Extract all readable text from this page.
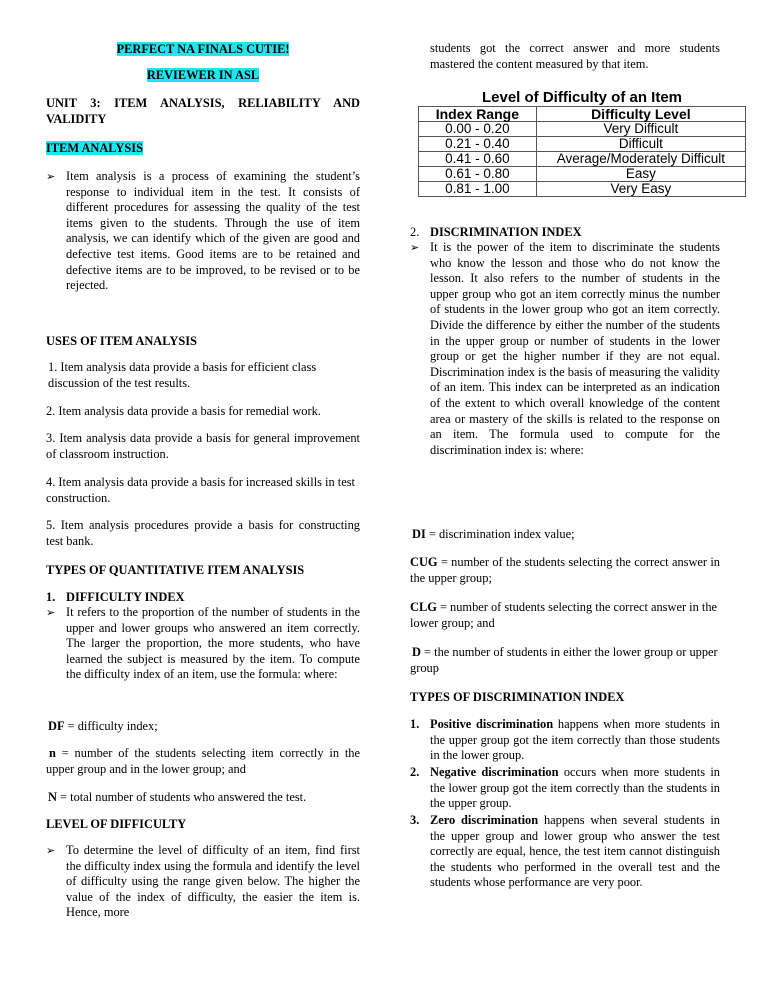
PERFECT NA FINALS CUTIE!
REVIEWER IN ASL

UNIT 3: ITEM ANALYSIS, RELIABILITY AND VALIDITY

ITEM ANALYSIS
➢ Item analysis is a process of examining the student’s response to individual item in the test. It consists of different procedures for assessing the quality of the test items given to the students. Through the use of item analysis, we can identify which of the given are good and defective test items. Good items are to be retained and defective items are to be improved, to be revised or to be rejected.

USES OF ITEM ANALYSIS

1. Item analysis data provide a basis for efficient class discussion of the test results.

2. Item analysis data provide a basis for remedial work.

3. Item analysis data provide a basis for general improvement of classroom instruction.

4. Item analysis data provide a basis for increased skills in test construction.

5. Item analysis procedures provide a basis for constructing test bank.

TYPES OF QUANTITATIVE ITEM ANALYSIS

1. DIFFICULTY INDEX
➢ It refers to the proportion of the number of students in the upper and lower groups who answered an item correctly. The larger the proportion, the more students, who have learned the subject is measured by the item. To compute the difficulty index of an item, use the formula: where:

DF = difficulty index;

n = number of the students selecting item correctly in the upper group and in the lower group; and

N = total number of students who answered the test.

LEVEL OF DIFFICULTY

➢ To determine the level of difficulty of an item, find first the difficulty index using the formula and identify the level of difficulty using the range given below. The higher the value of the index of difficulty, the easier the item is. Hence, more

students got the correct answer and more students mastered the content measured by that item.

Level of Difficulty of an Item
Index Range	Difficulty Level
0.00 - 0.20	Very Difficult
0.21 - 0.40	Difficult
0.41 - 0.60	Average/Moderately Difficult
0.61 - 0.80	Easy
0.81 - 1.00	Very Easy
2. DISCRIMINATION INDEX
➢ It is the power of the item to discriminate the students who know the lesson and those who do not know the lesson. It also refers to the number of students in the upper group who got an item correctly minus the number of students in the lower group who got an item correctly. Divide the difference by either the number of the students in the upper group or number of students in the lower group or get the higher number if they are not equal. Discrimination index is the basis of measuring the validity of an item. This index can be interpreted as an indication of the extent to which overall knowledge of the content area or mastery of the skills is related to the response on an item. The formula used to compute for the discrimination index is: where:

DI = discrimination index value;

CUG = number of the students selecting the correct answer in the upper group;

CLG = number of students selecting the correct answer in the lower group; and

D = the number of students in either the lower group or upper group

TYPES OF DISCRIMINATION INDEX

1. Positive discrimination happens when more students in the upper group got the item correctly than those students in the lower group.
2. Negative discrimination occurs when more students in the lower group got the item correctly than the students in the upper group.
3. Zero discrimination happens when several students in the upper group and lower group who answer the test correctly are equal, hence, the test item cannot distinguish the students who performed in the overall test and the students whose performance are very poor.
